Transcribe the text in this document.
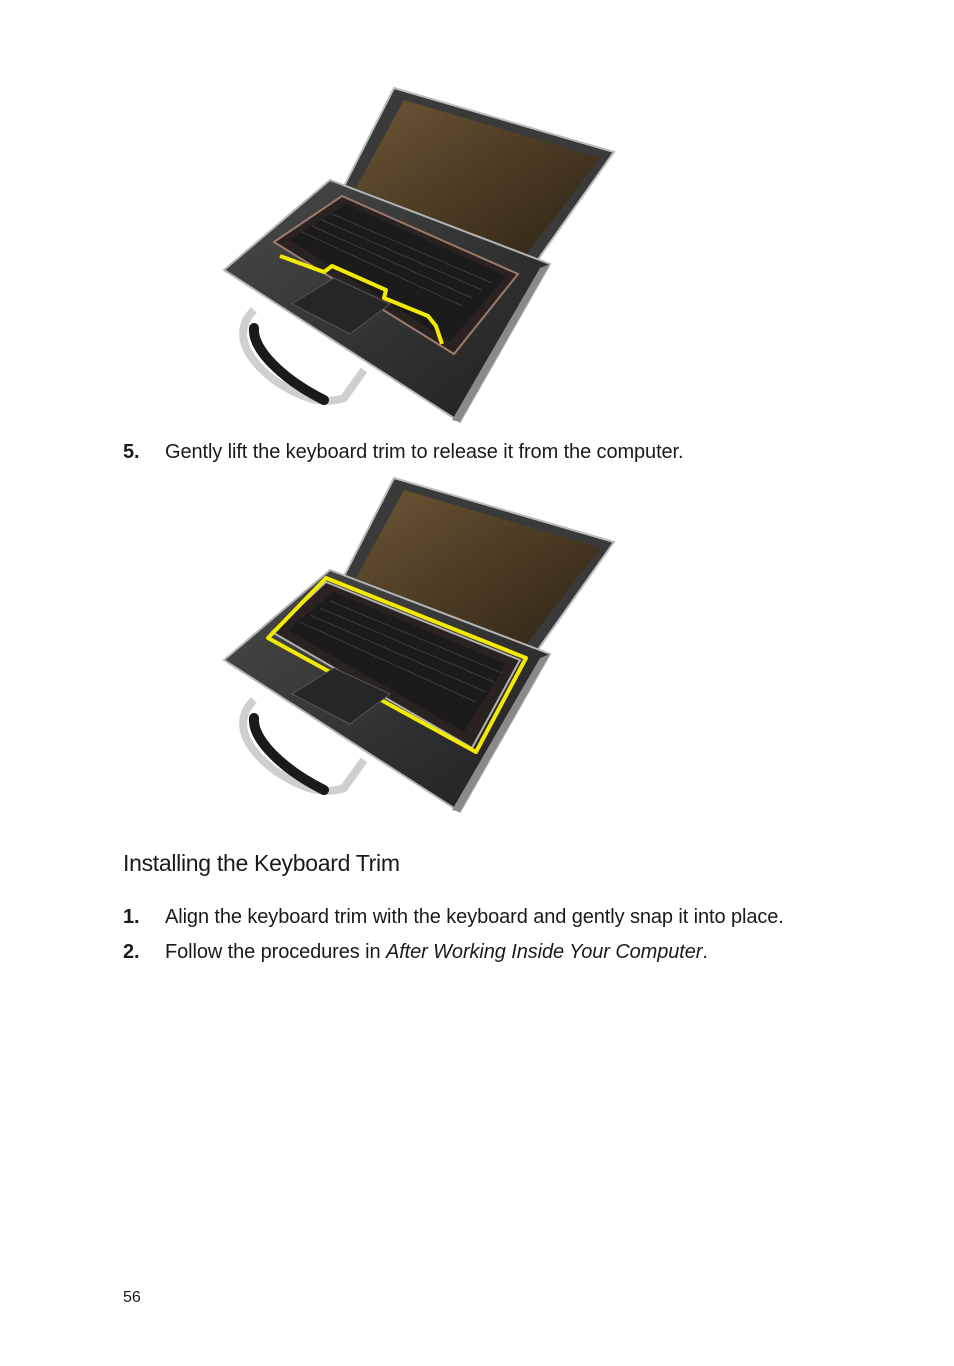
5.	Gently lift the keyboard trim to release it from the computer.
Installing the Keyboard Trim
1.	Align the keyboard trim with the keyboard and gently snap it into place.
2.	Follow the procedures in After Working Inside Your Computer.
56
